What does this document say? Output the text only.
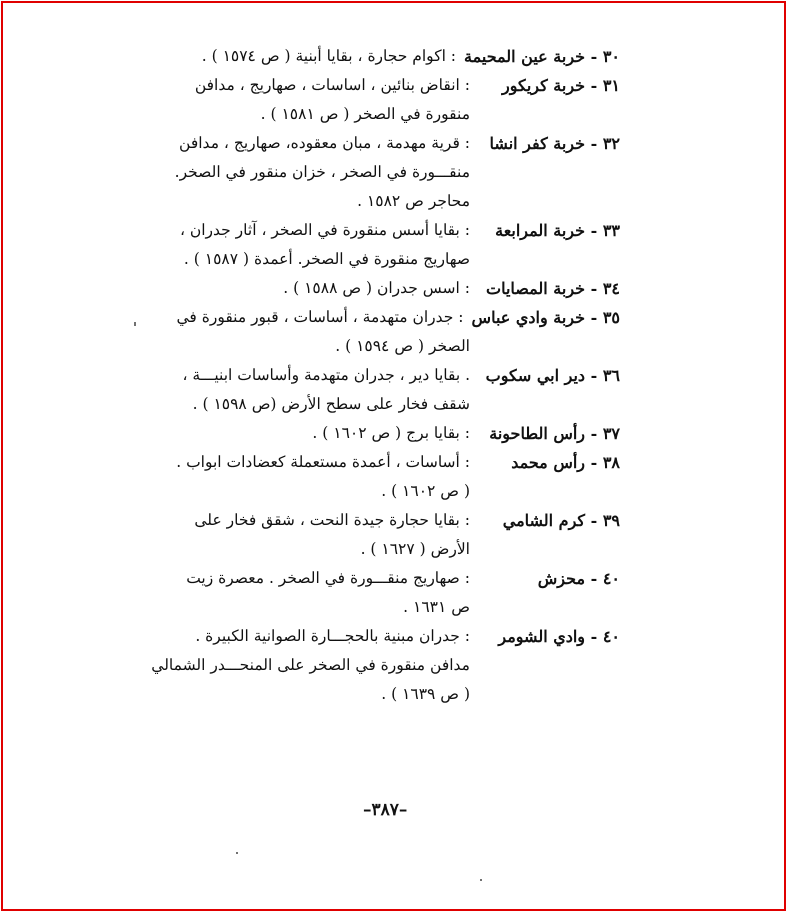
٣٠ - خربة عين المحيمة
: اكوام حجارة ، بقايا أبنية ( ص ١٥٧٤ ) .
٣١ - خربة كريكور
: انقاض بنائين ، اساسات ، صهاريج ، مدافن
منقورة في الصخر ( ص ١٥٨١ ) .
٣٢ - خربة كفر انشا
: قرية مهدمة ، مبان معقوده، صهاريج ، مدافن
منقـــورة في الصخر ، خزان منقور في الصخر.
محاجر ص ١٥٨٢ .
٣٣ - خربة المرابعة
: بقايا أسس منقورة في الصخر ، آثار جدران ،
صهاريج منقورة في الصخر. أعمدة ( ١٥٨٧ ) .
٣٤ - خربة المصايات
: اسس جدران ( ص ١٥٨٨ ) .
٣٥ - خربة وادي عباس
: جدران متهدمة ، أساسات ، قبور منقورة في
الصخر ( ص ١٥٩٤ ) .
٣٦ - دير ابي سكوب
. بقايا دير ، جدران متهدمة وأساسات ابنيـــة ،
شقف فخار على سطح الأرض (ص ١٥٩٨ ) .
٣٧ - رأس الطاحونة
: بقايا برج ( ص ١٦٠٢ ) .
٣٨ - رأس محمد
: أساسات ، أعمدة مستعملة كعضادات ابواب .
( ص ١٦٠٢ ) .
٣٩ - كرم الشامي
: بقايا حجارة جيدة النحت ، شقق فخار على
الأرض ( ١٦٢٧ ) .
٤٠ - محزش
: صهاريج منقـــورة في الصخر . معصرة زيت
ص ١٦٣١ .
٤٠ - وادي الشومر
: جدران مبنية بالحجـــارة الصوانية الكبيرة .
مدافن منقورة في الصخر على المنحـــدر الشمالي
( ص ١٦٣٩ ) .
–٣٨٧–
